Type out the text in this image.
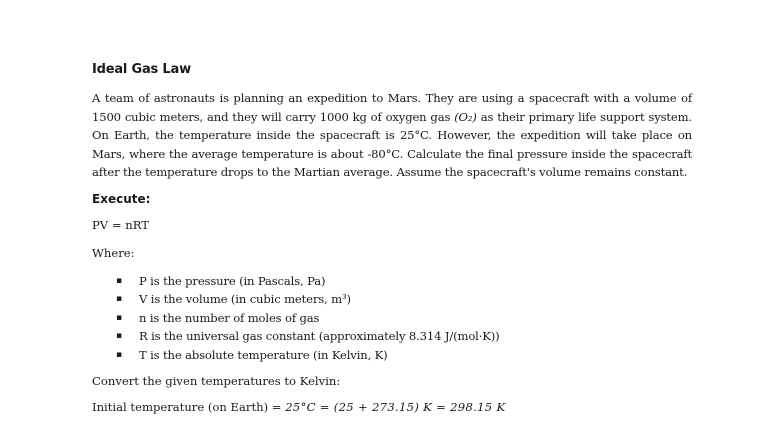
Ideal Gas Law

A team of astronauts is planning an expedition to Mars. They are using a spacecraft with a volume of 1500 cubic meters, and they will carry 1000 kg of oxygen gas (O₂) as their primary life support system. On Earth, the temperature inside the spacecraft is 25°C. However, the expedition will take place on Mars, where the average temperature is about -80°C. Calculate the final pressure inside the spacecraft after the temperature drops to the Martian average. Assume the spacecraft's volume remains constant.

Execute:
PV = nRT
Where:
▪ P is the pressure (in Pascals, Pa)
▪ V is the volume (in cubic meters, m³)
▪ n is the number of moles of gas
▪ R is the universal gas constant (approximately 8.314 J/(mol·K))
▪ T is the absolute temperature (in Kelvin, K)
Convert the given temperatures to Kelvin:
Initial temperature (on Earth) = 25°C = (25 + 273.15) K = 298.15 K
